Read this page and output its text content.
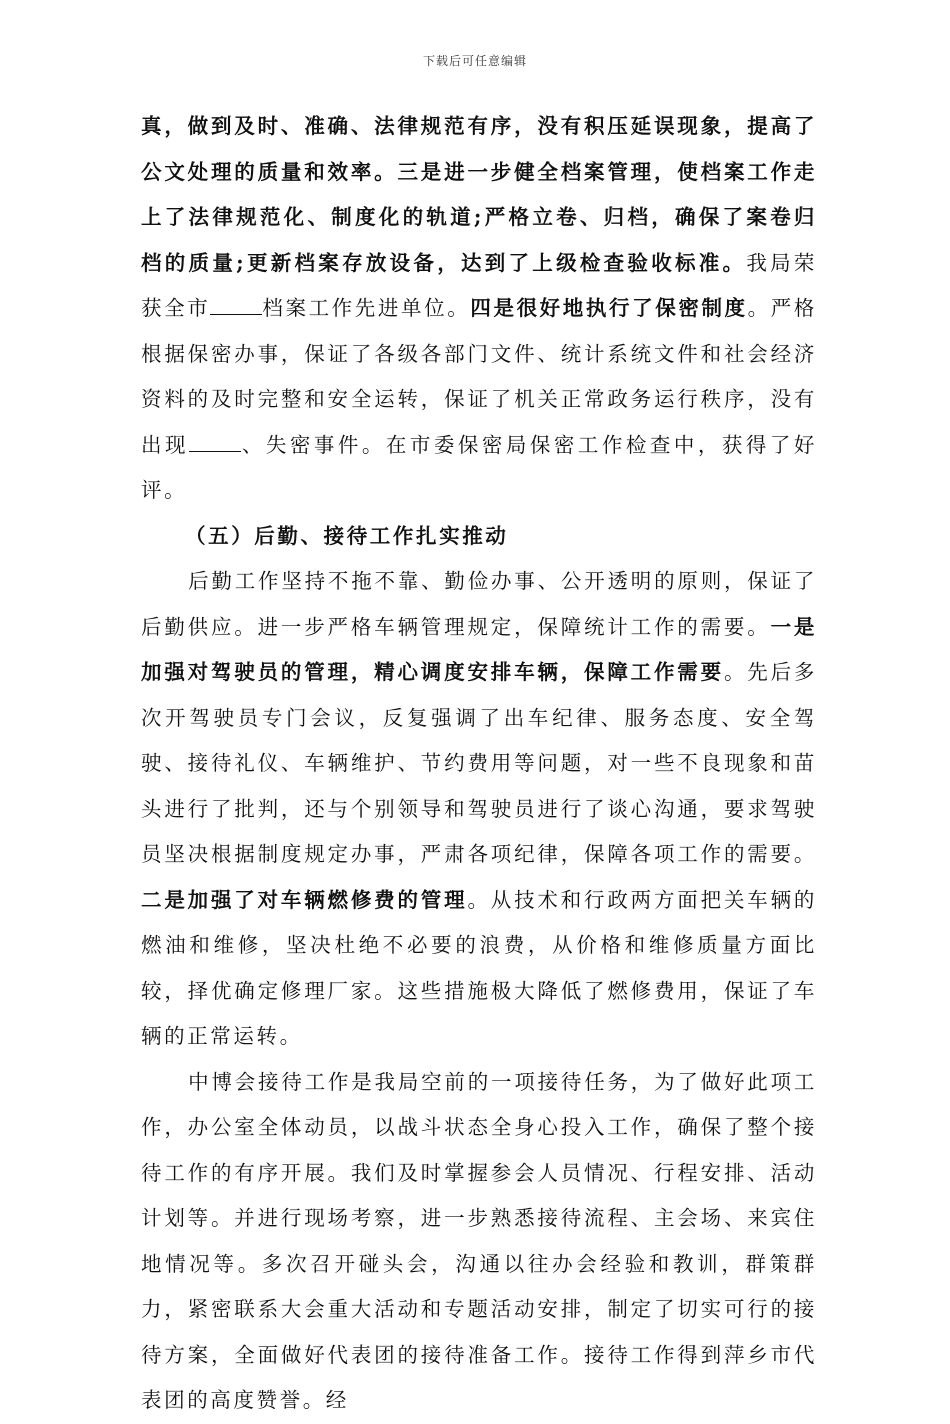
下载后可任意编辑

真，做到及时、准确、法律规范有序，没有积压延误现象，提高了公文处理的质量和效率。三是进一步健全档案管理，使档案工作走上了法律规范化、制度化的轨道;严格立卷、归档，确保了案卷归档的质量;更新档案存放设备，达到了上级检查验收标准。我局荣获全市	档案工作先进单位。四是很好地执行了保密制度。严格根据保密办事，保证了各级各部门文件、统计系统文件和社会经济资料的及时完整和安全运转，保证了机关正常政务运行秩序，没有出现	、失密事件。在市委保密局保密工作检查中，获得了好评。

（五）后勤、接待工作扎实推动

后勤工作坚持不拖不靠、勤俭办事、公开透明的原则，保证了后勤供应。进一步严格车辆管理规定，保障统计工作的需要。一是加强对驾驶员的管理，精心调度安排车辆，保障工作需要。先后多次开驾驶员专门会议，反复强调了出车纪律、服务态度、安全驾驶、接待礼仪、车辆维护、节约费用等问题，对一些不良现象和苗头进行了批判，还与个别领导和驾驶员进行了谈心沟通，要求驾驶员坚决根据制度规定办事，严肃各项纪律，保障各项工作的需要。二是加强了对车辆燃修费的管理。从技术和行政两方面把关车辆的燃油和维修，坚决杜绝不必要的浪费，从价格和维修质量方面比较，择优确定修理厂家。这些措施极大降低了燃修费用，保证了车辆的正常运转。

中博会接待工作是我局空前的一项接待任务，为了做好此项工作，办公室全体动员，以战斗状态全身心投入工作，确保了整个接待工作的有序开展。我们及时掌握参会人员情况、行程安排、活动计划等。并进行现场考察，进一步熟悉接待流程、主会场、来宾住地情况等。多次召开碰头会，沟通以往办会经验和教训，群策群力，紧密联系大会重大活动和专题活动安排，制定了切实可行的接待方案，全面做好代表团的接待准备工作。接待工作得到萍乡市代表团的高度赞誉。经
